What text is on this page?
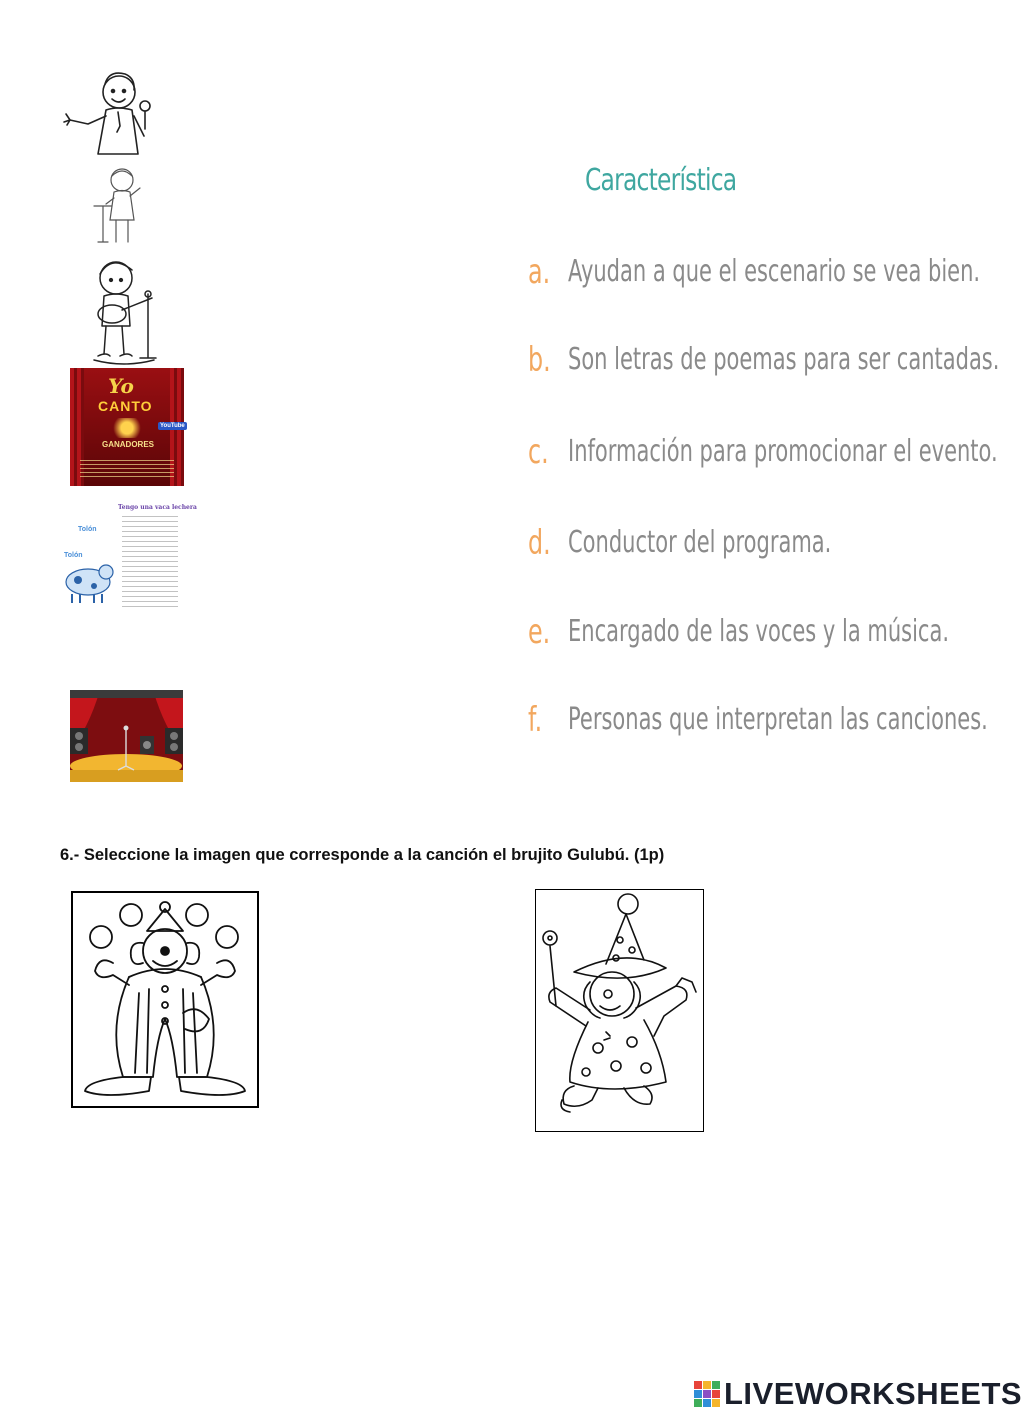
Yo
CANTO
GANADORES
YouTube
Tengo una vaca lechera
Tolón
Tolón
Característica
a. Ayudan a que el escenario se vea bien.
b. Son letras de poemas para ser cantadas.
c. Información para promocionar el evento.
d. Conductor del programa.
e. Encargado de las voces y la música.
f. Personas que interpretan las canciones.
6.- Seleccione la imagen que corresponde a la canción el brujito Gulubú. (1p)
LIVEWORKSHEETS
